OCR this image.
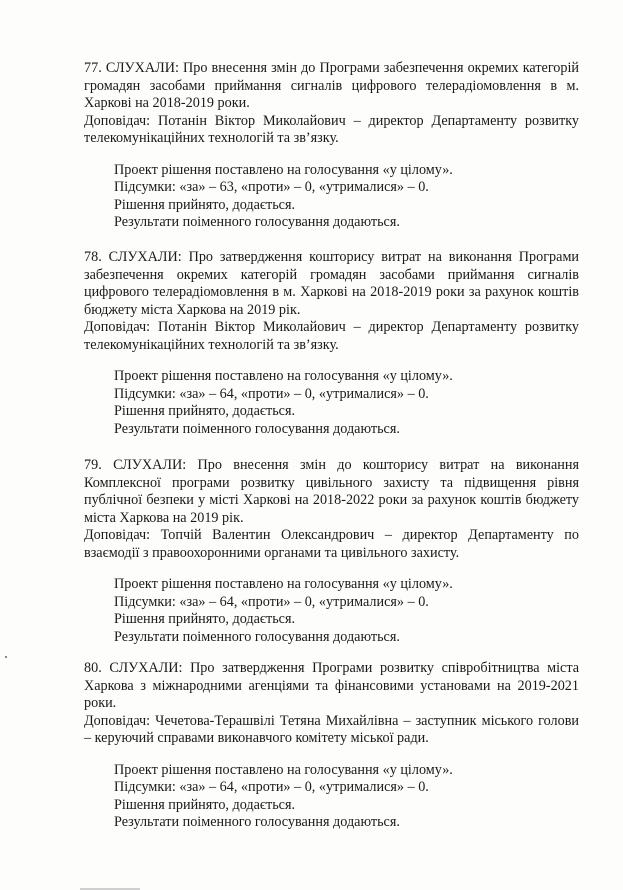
77. СЛУХАЛИ: Про внесення змін до Програми забезпечення окремих категорій громадян засобами приймання сигналів цифрового телерадіомовлення в м. Харкові на 2018-2019 роки.

Доповідач: Потанін Віктор Миколайович – директор Департаменту розвитку телекомунікаційних технологій та зв’язку.

Проект рішення поставлено на голосування «у цілому».

Підсумки: «за» – 63, «проти» – 0, «утрималися» – 0.

Рішення прийнято, додається.

Результати поіменного голосування додаються.

78. СЛУХАЛИ: Про затвердження кошторису витрат на виконання Програми забезпечення окремих категорій громадян засобами приймання сигналів цифрового телерадіомовлення в м. Харкові на 2018-2019 роки за рахунок коштів бюджету міста Харкова на 2019 рік.

Доповідач: Потанін Віктор Миколайович – директор Департаменту розвитку телекомунікаційних технологій та зв’язку.

Проект рішення поставлено на голосування «у цілому».

Підсумки: «за» – 64, «проти» – 0, «утрималися» – 0.

Рішення прийнято, додається.

Результати поіменного голосування додаються.

79. СЛУХАЛИ: Про внесення змін до кошторису витрат на виконання Комплексної програми розвитку цивільного захисту та підвищення рівня публічної безпеки у місті Харкові на 2018-2022 роки за рахунок коштів бюджету міста Харкова на 2019 рік.

Доповідач: Топчій Валентин Олександрович – директор Департаменту по взаємодії з правоохоронними органами та цивільного захисту.

Проект рішення поставлено на голосування «у цілому».

Підсумки: «за» – 64, «проти» – 0, «утрималися» – 0.

Рішення прийнято, додається.

Результати поіменного голосування додаються.

80. СЛУХАЛИ: Про затвердження Програми розвитку співробітництва міста Харкова з міжнародними агенціями та фінансовими установами на 2019-2021 роки.

Доповідач: Чечетова-Терашвілі Тетяна Михайлівна – заступник міського голови – керуючий справами виконавчого комітету міської ради.

Проект рішення поставлено на голосування «у цілому».

Підсумки: «за» – 64, «проти» – 0, «утрималися» – 0.

Рішення прийнято, додається.

Результати поіменного голосування додаються.
